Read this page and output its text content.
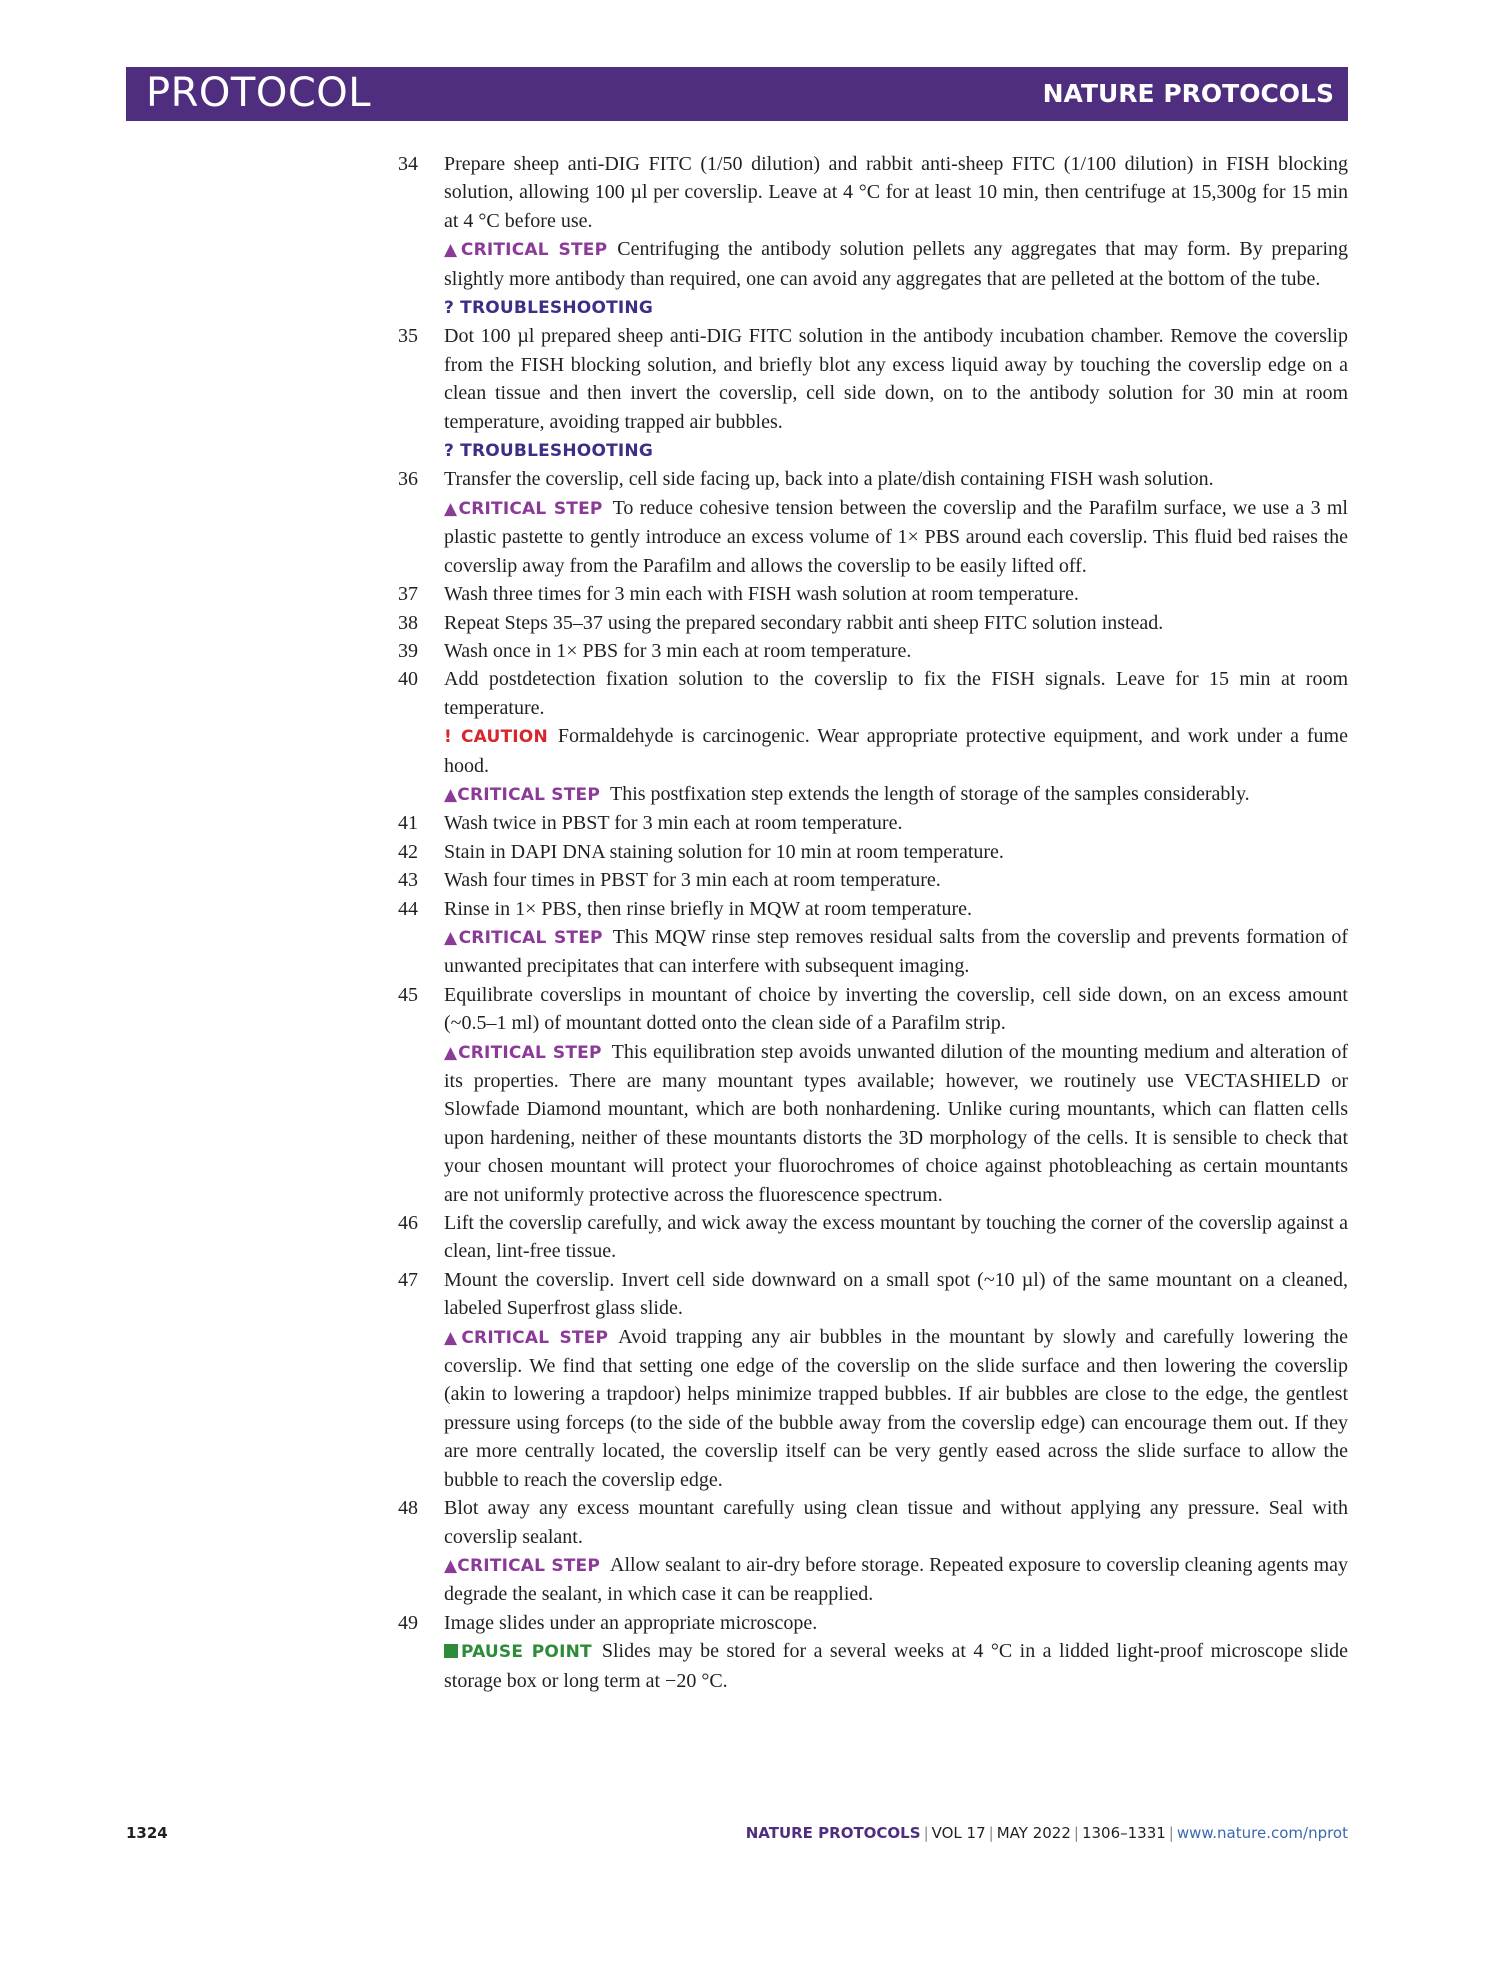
PROTOCOL	NATURE PROTOCOLS
34 Prepare sheep anti-DIG FITC (1/50 dilution) and rabbit anti-sheep FITC (1/100 dilution) in FISH blocking solution, allowing 100 µl per coverslip. Leave at 4 °C for at least 10 min, then centrifuge at 15,300g for 15 min at 4 °C before use.
▲CRITICAL STEP Centrifuging the antibody solution pellets any aggregates that may form. By preparing slightly more antibody than required, one can avoid any aggregates that are pelleted at the bottom of the tube.
? TROUBLESHOOTING
35 Dot 100 µl prepared sheep anti-DIG FITC solution in the antibody incubation chamber. Remove the coverslip from the FISH blocking solution, and briefly blot any excess liquid away by touching the coverslip edge on a clean tissue and then invert the coverslip, cell side down, on to the antibody solution for 30 min at room temperature, avoiding trapped air bubbles.
? TROUBLESHOOTING
36 Transfer the coverslip, cell side facing up, back into a plate/dish containing FISH wash solution.
▲CRITICAL STEP To reduce cohesive tension between the coverslip and the Parafilm surface, we use a 3 ml plastic pastette to gently introduce an excess volume of 1× PBS around each coverslip. This fluid bed raises the coverslip away from the Parafilm and allows the coverslip to be easily lifted off.
37 Wash three times for 3 min each with FISH wash solution at room temperature.
38 Repeat Steps 35–37 using the prepared secondary rabbit anti sheep FITC solution instead.
39 Wash once in 1× PBS for 3 min each at room temperature.
40 Add postdetection fixation solution to the coverslip to fix the FISH signals. Leave for 15 min at room temperature.
! CAUTION Formaldehyde is carcinogenic. Wear appropriate protective equipment, and work under a fume hood.
▲CRITICAL STEP This postfixation step extends the length of storage of the samples considerably.
41 Wash twice in PBST for 3 min each at room temperature.
42 Stain in DAPI DNA staining solution for 10 min at room temperature.
43 Wash four times in PBST for 3 min each at room temperature.
44 Rinse in 1× PBS, then rinse briefly in MQW at room temperature.
▲CRITICAL STEP This MQW rinse step removes residual salts from the coverslip and prevents formation of unwanted precipitates that can interfere with subsequent imaging.
45 Equilibrate coverslips in mountant of choice by inverting the coverslip, cell side down, on an excess amount (~0.5–1 ml) of mountant dotted onto the clean side of a Parafilm strip.
▲CRITICAL STEP This equilibration step avoids unwanted dilution of the mounting medium and alteration of its properties. There are many mountant types available; however, we routinely use VECTASHIELD or Slowfade Diamond mountant, which are both nonhardening. Unlike curing mountants, which can flatten cells upon hardening, neither of these mountants distorts the 3D morphology of the cells. It is sensible to check that your chosen mountant will protect your fluorochromes of choice against photobleaching as certain mountants are not uniformly protective across the fluorescence spectrum.
46 Lift the coverslip carefully, and wick away the excess mountant by touching the corner of the coverslip against a clean, lint-free tissue.
47 Mount the coverslip. Invert cell side downward on a small spot (~10 µl) of the same mountant on a cleaned, labeled Superfrost glass slide.
▲CRITICAL STEP Avoid trapping any air bubbles in the mountant by slowly and carefully lowering the coverslip. We find that setting one edge of the coverslip on the slide surface and then lowering the coverslip (akin to lowering a trapdoor) helps minimize trapped bubbles. If air bubbles are close to the edge, the gentlest pressure using forceps (to the side of the bubble away from the coverslip edge) can encourage them out. If they are more centrally located, the coverslip itself can be very gently eased across the slide surface to allow the bubble to reach the coverslip edge.
48 Blot away any excess mountant carefully using clean tissue and without applying any pressure. Seal with coverslip sealant.
▲CRITICAL STEP Allow sealant to air-dry before storage. Repeated exposure to coverslip cleaning agents may degrade the sealant, in which case it can be reapplied.
49 Image slides under an appropriate microscope.
PAUSE POINT Slides may be stored for a several weeks at 4 °C in a lidded light-proof microscope slide storage box or long term at −20 °C.
1324	NATURE PROTOCOLS | VOL 17 | MAY 2022 | 1306–1331 | www.nature.com/nprot
